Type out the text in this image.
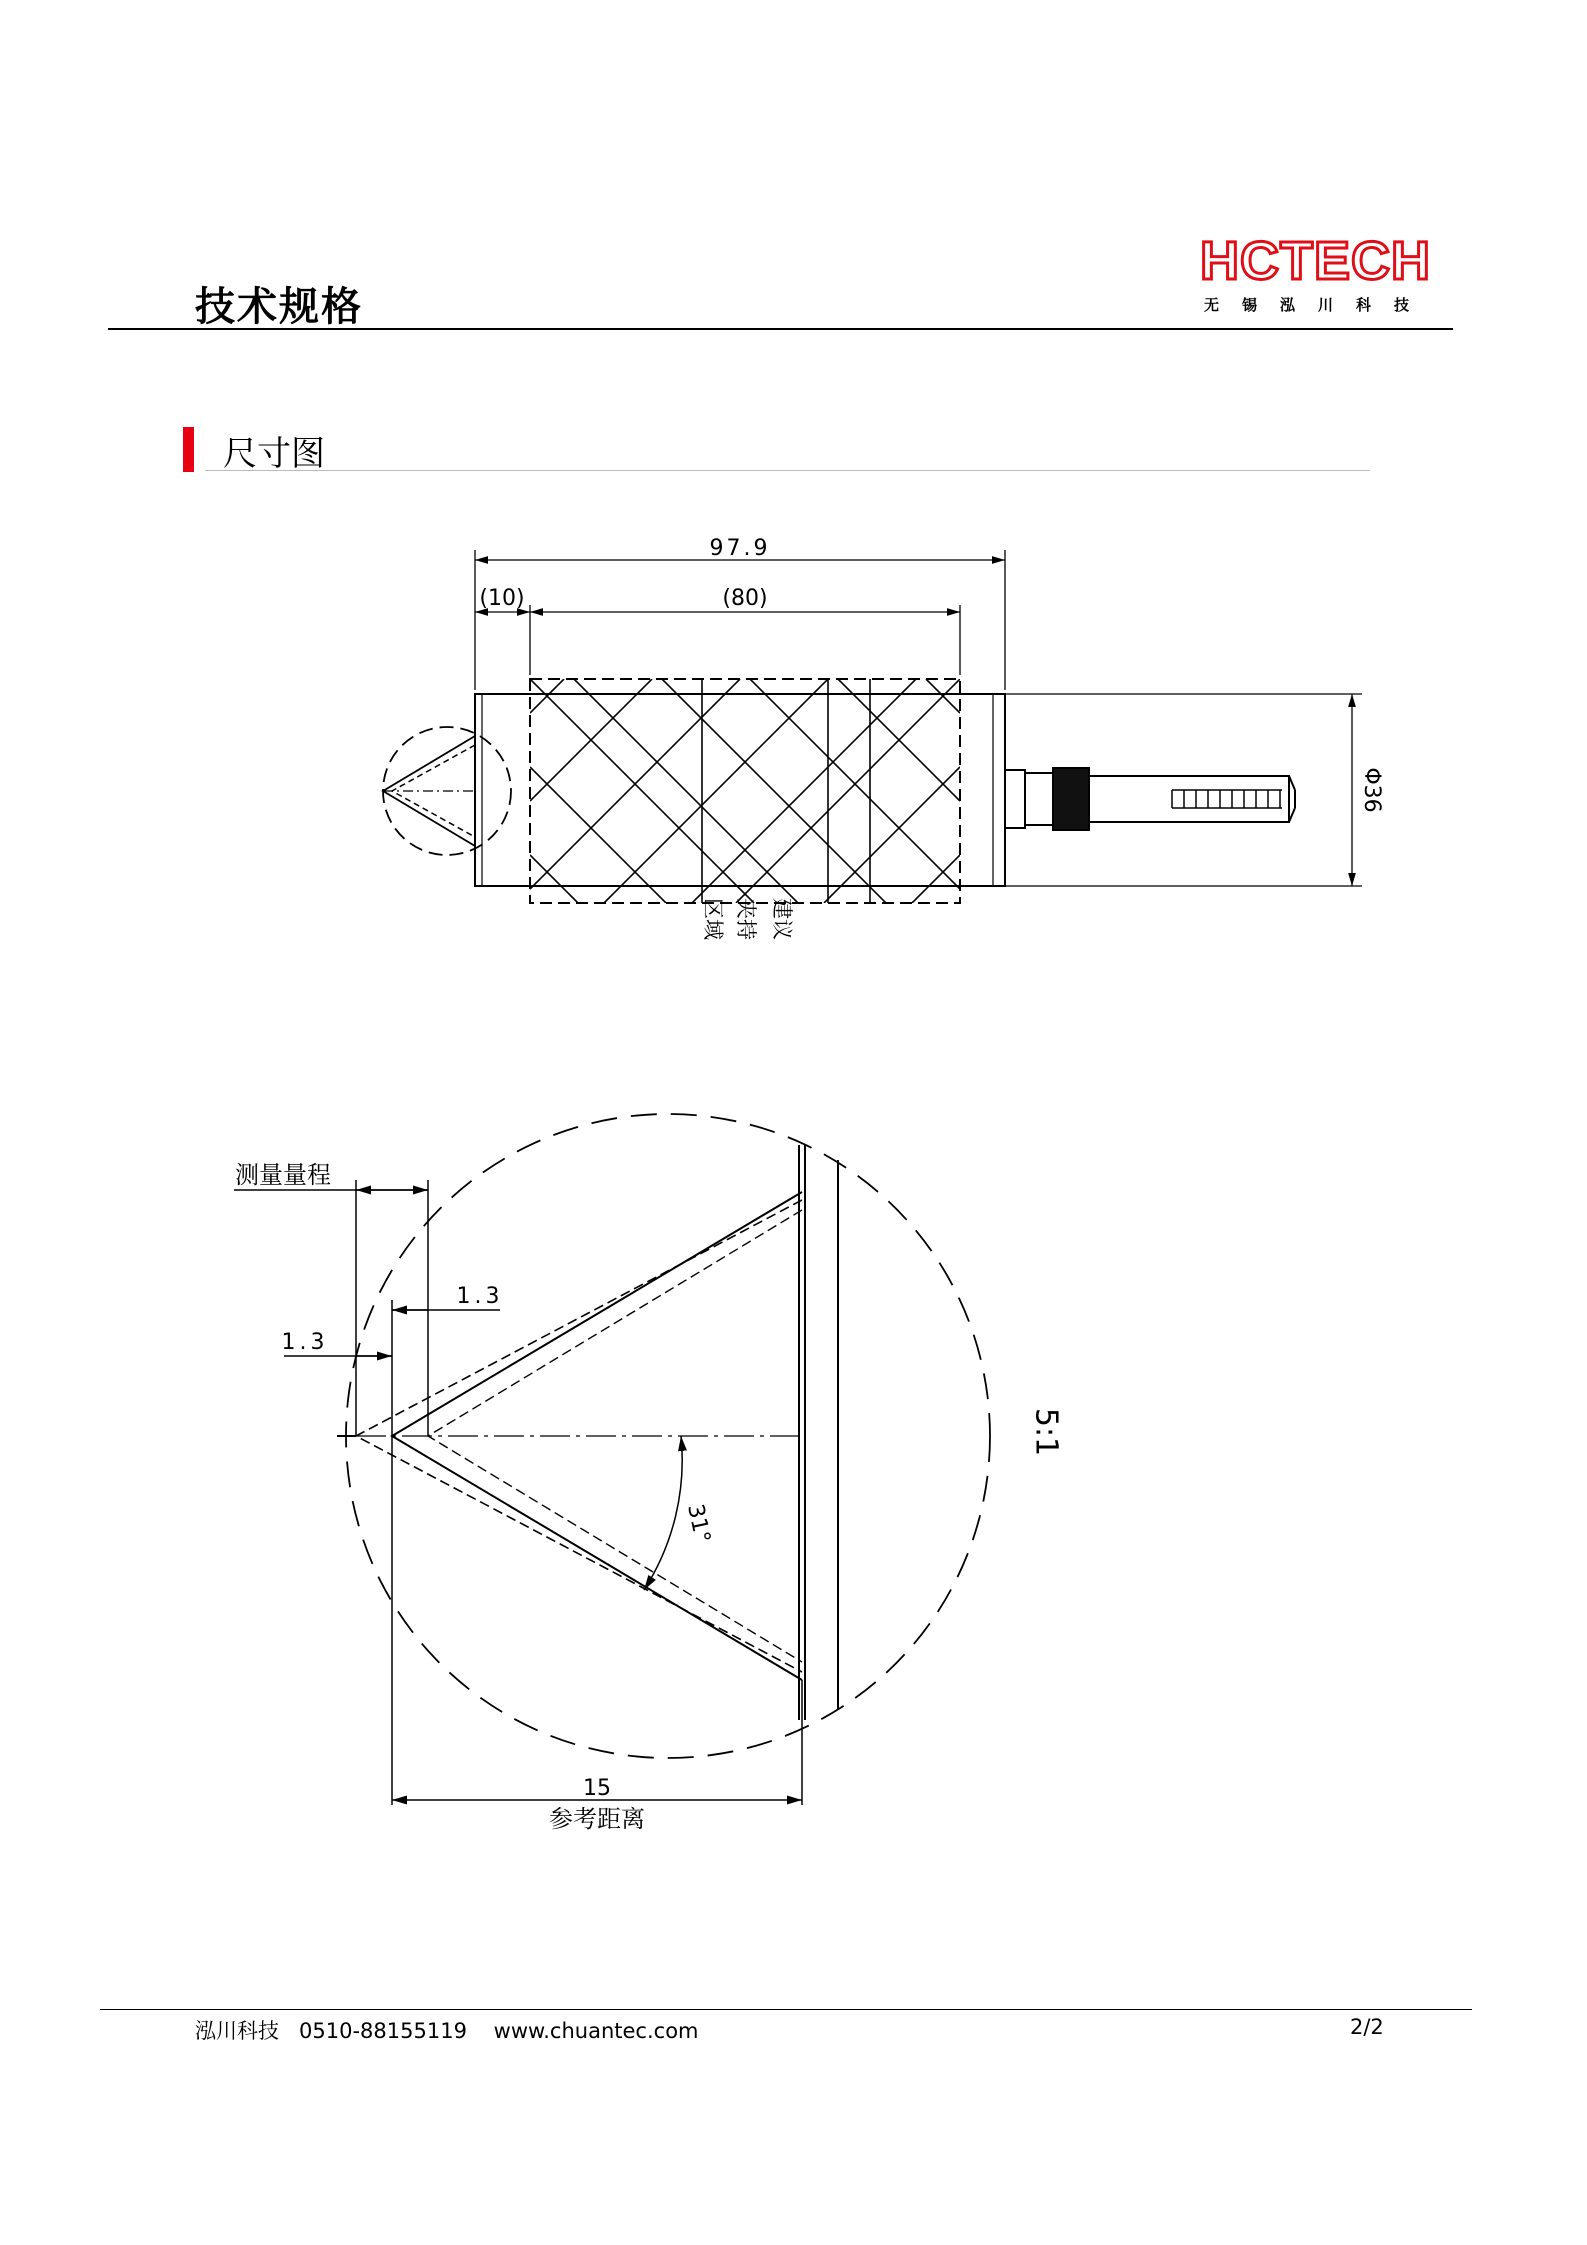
技术规格
HCTECH
无锡泓川科技
尺寸图
97.9
(10)	(80)
Φ36
建议
夹持
区域
测量量程
1.3
1.3
31°
15
参考距离
5:1
泓川科技 0510-88155119 www.chuantec.com	2/2
